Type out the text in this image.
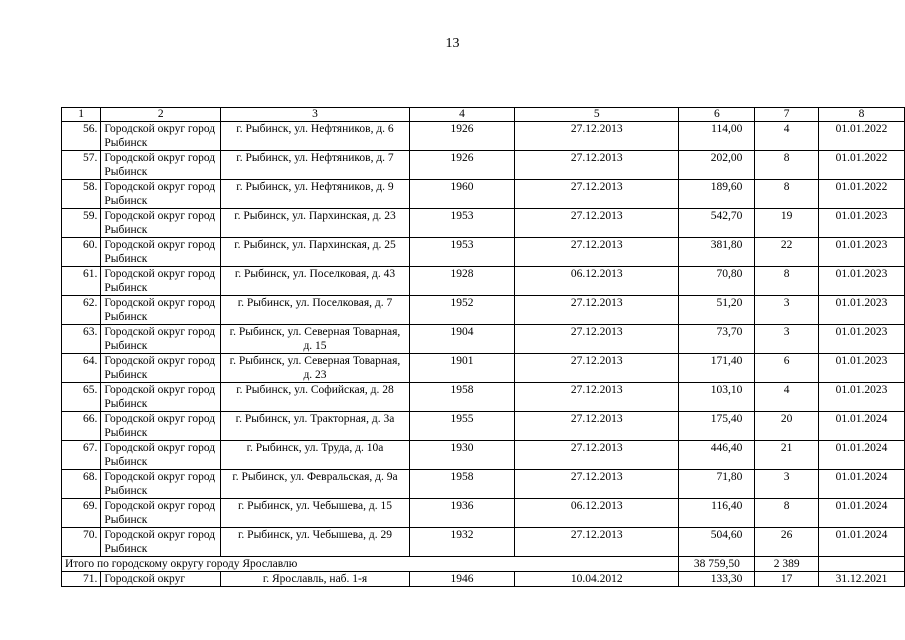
13
1	2	3	4	5	6	7	8
56.	Городской округ город Рыбинск	г. Рыбинск, ул. Нефтяников, д. 6	1926	27.12.2013	114,00	4	01.01.2022
57.	Городской округ город Рыбинск	г. Рыбинск, ул. Нефтяников, д. 7	1926	27.12.2013	202,00	8	01.01.2022
58.	Городской округ город Рыбинск	г. Рыбинск, ул. Нефтяников, д. 9	1960	27.12.2013	189,60	8	01.01.2022
59.	Городской округ город Рыбинск	г. Рыбинск, ул. Пархинская, д. 23	1953	27.12.2013	542,70	19	01.01.2023
60.	Городской округ город Рыбинск	г. Рыбинск, ул. Пархинская, д. 25	1953	27.12.2013	381,80	22	01.01.2023
61.	Городской округ город Рыбинск	г. Рыбинск, ул. Поселковая, д. 43	1928	06.12.2013	70,80	8	01.01.2023
62.	Городской округ город Рыбинск	г. Рыбинск, ул. Поселковая, д. 7	1952	27.12.2013	51,20	3	01.01.2023
63.	Городской округ город Рыбинск	г. Рыбинск, ул. Северная Товарная, д. 15	1904	27.12.2013	73,70	3	01.01.2023
64.	Городской округ город Рыбинск	г. Рыбинск, ул. Северная Товарная, д. 23	1901	27.12.2013	171,40	6	01.01.2023
65.	Городской округ город Рыбинск	г. Рыбинск, ул. Софийская, д. 28	1958	27.12.2013	103,10	4	01.01.2023
66.	Городской округ город Рыбинск	г. Рыбинск, ул. Тракторная, д. 3а	1955	27.12.2013	175,40	20	01.01.2024
67.	Городской округ город Рыбинск	г. Рыбинск, ул. Труда, д. 10а	1930	27.12.2013	446,40	21	01.01.2024
68.	Городской округ город Рыбинск	г. Рыбинск, ул. Февральская, д. 9а	1958	27.12.2013	71,80	3	01.01.2024
69.	Городской округ город Рыбинск	г. Рыбинск, ул. Чебышева, д. 15	1936	06.12.2013	116,40	8	01.01.2024
70.	Городской округ город Рыбинск	г. Рыбинск, ул. Чебышева, д. 29	1932	27.12.2013	504,60	26	01.01.2024
Итого по городскому округу городу Ярославлю					38 759,50	2 389	
71.	Городской округ	г. Ярославль, наб. 1-я	1946	10.04.2012	133,30	17	31.12.2021
